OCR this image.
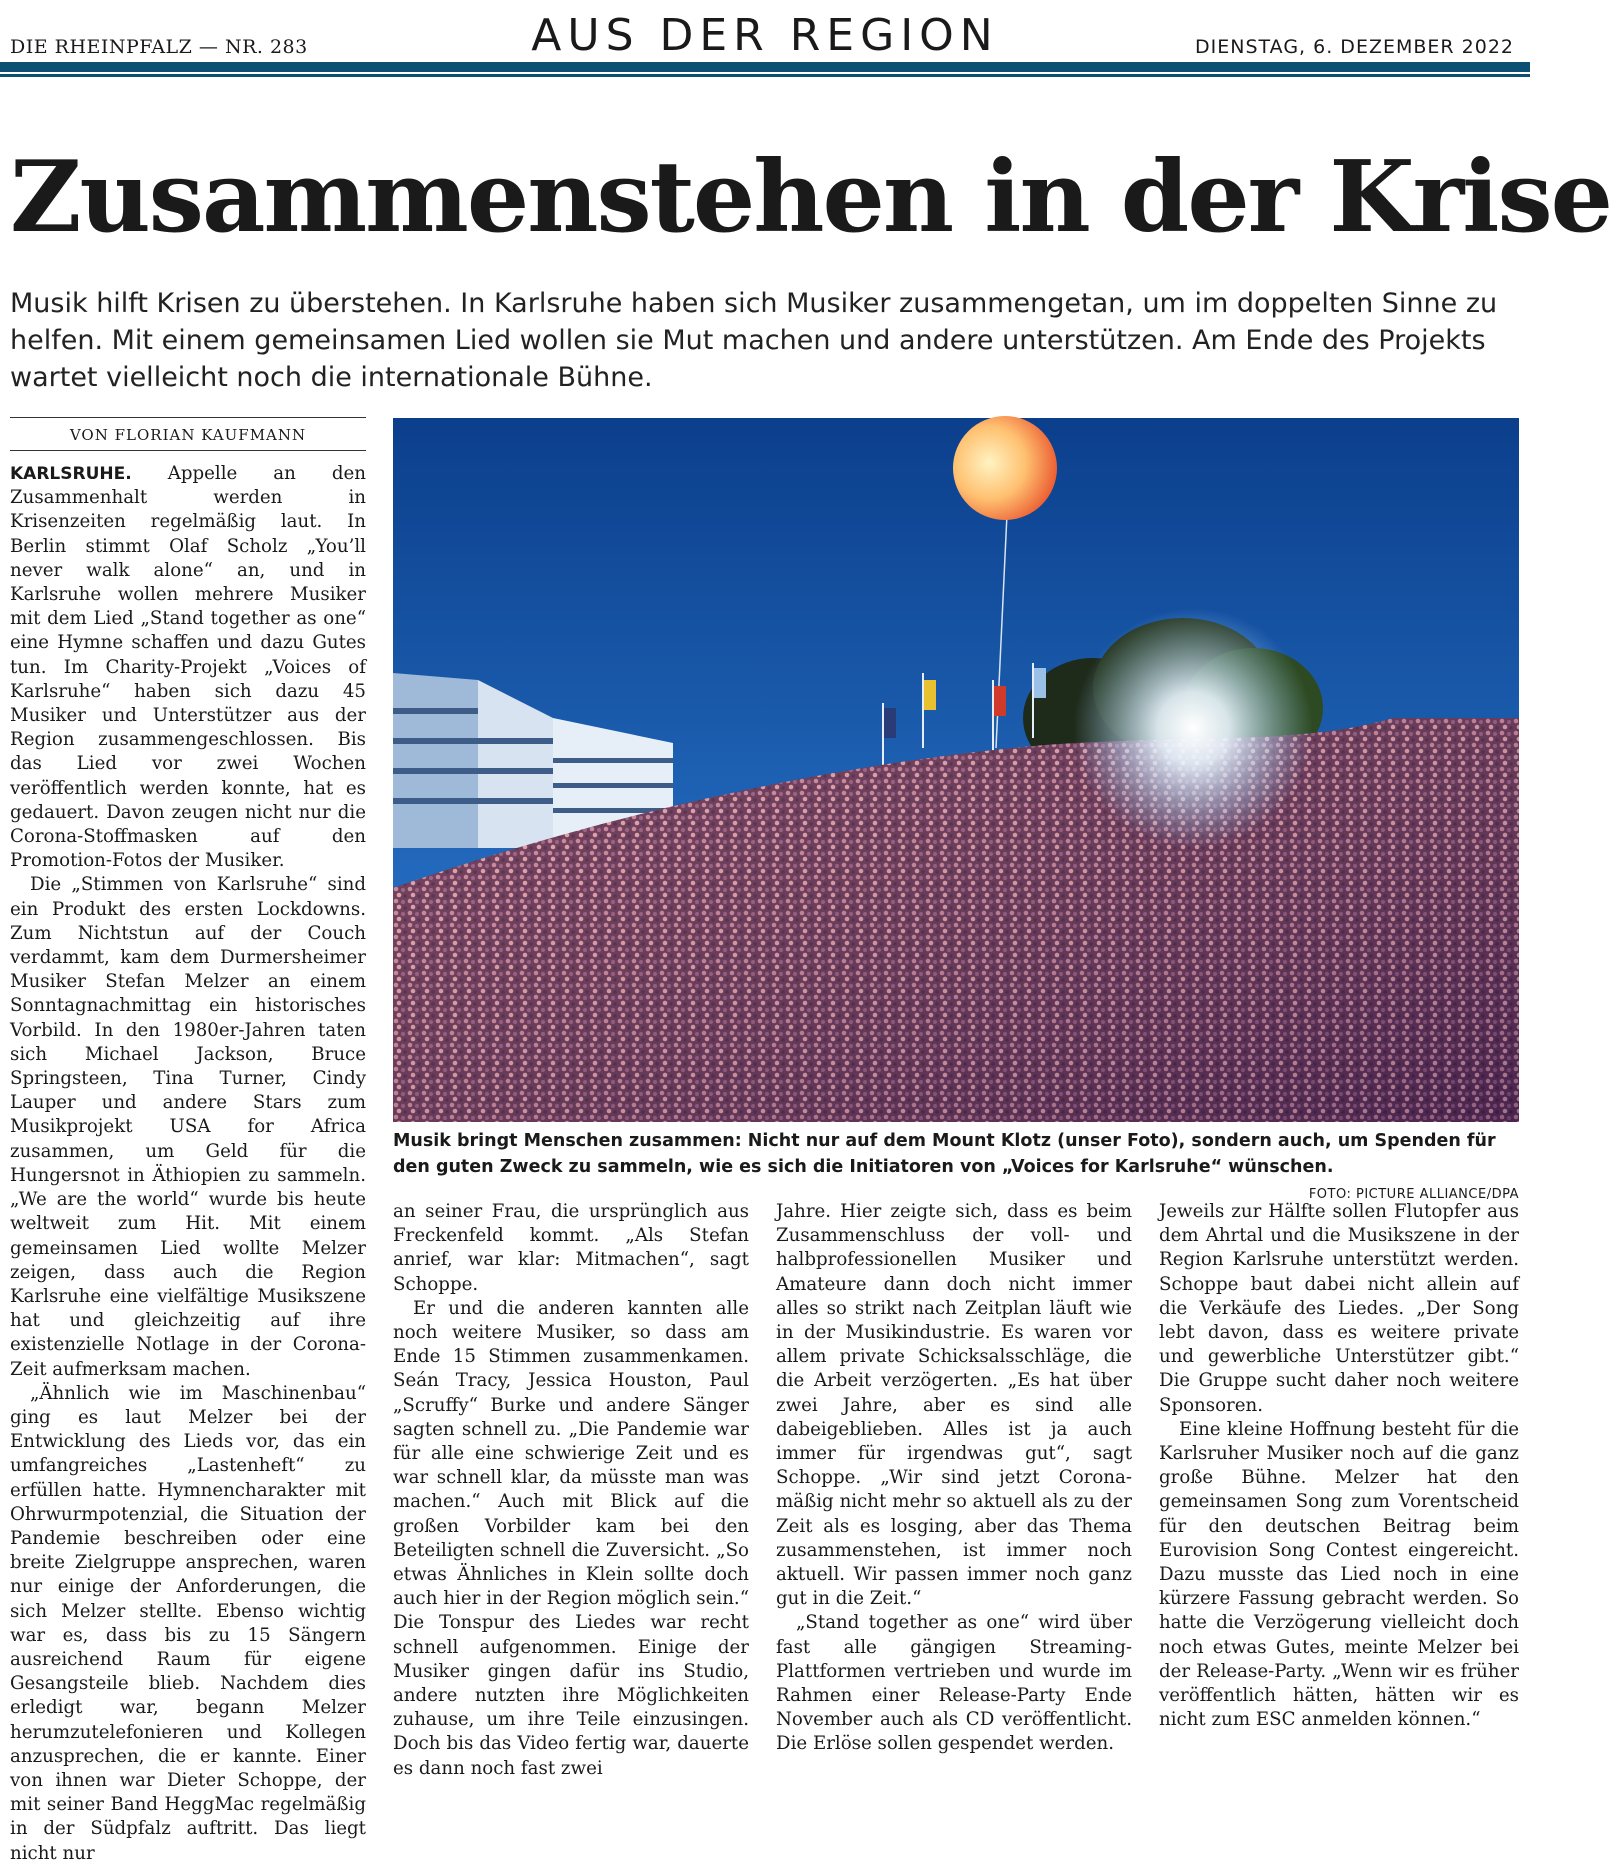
DIE RHEINPFALZ — NR. 283	AUS DER REGION	DIENSTAG, 6. DEZEMBER 2022
Zusammenstehen in der Krise
Musik hilft Krisen zu überstehen. In Karlsruhe haben sich Musiker zusammengetan, um im doppelten Sinne zu helfen. Mit einem gemeinsamen Lied wollen sie Mut machen und andere unterstützen. Am Ende des Projekts wartet vielleicht noch die internationale Bühne.
VON FLORIAN KAUFMANN

KARLSRUHE. Appelle an den Zusammenhalt werden in Krisenzeiten regelmäßig laut. In Berlin stimmt Olaf Scholz „You’ll never walk alone“ an, und in Karlsruhe wollen mehrere Musiker mit dem Lied „Stand together as one“ eine Hymne schaffen und dazu Gutes tun. Im Charity-Projekt „Voices of Karlsruhe“ haben sich dazu 45 Musiker und Unterstützer aus der Region zusammengeschlossen. Bis das Lied vor zwei Wochen veröffentlich werden konnte, hat es gedauert. Davon zeugen nicht nur die Corona-Stoffmasken auf den Promotion-Fotos der Musiker.

Die „Stimmen von Karlsruhe“ sind ein Produkt des ersten Lockdowns. Zum Nichtstun auf der Couch verdammt, kam dem Durmersheimer Musiker Stefan Melzer an einem Sonntagnachmittag ein historisches Vorbild. In den 1980er-Jahren taten sich Michael Jackson, Bruce Springsteen, Tina Turner, Cindy Lauper und andere Stars zum Musikprojekt USA for Africa zusammen, um Geld für die Hungersnot in Äthiopien zu sammeln. „We are the world“ wurde bis heute weltweit zum Hit. Mit einem gemeinsamen Lied wollte Melzer zeigen, dass auch die Region Karlsruhe eine vielfältige Musikszene hat und gleichzeitig auf ihre existenzielle Notlage in der Corona-Zeit aufmerksam machen.

„Ähnlich wie im Maschinenbau“ ging es laut Melzer bei der Entwicklung des Lieds vor, das ein umfangreiches „Lastenheft“ zu erfüllen hatte. Hymnencharakter mit Ohrwurmpotenzial, die Situation der Pandemie beschreiben oder eine breite Zielgruppe ansprechen, waren nur einige der Anforderungen, die sich Melzer stellte. Ebenso wichtig war es, dass bis zu 15 Sängern ausreichend Raum für eigene Gesangsteile blieb. Nachdem dies erledigt war, begann Melzer herumzutelefonieren und Kollegen anzusprechen, die er kannte. Einer von ihnen war Dieter Schoppe, der mit seiner Band HeggMac regelmäßig in der Südpfalz auftritt. Das liegt nicht nur

Musik bringt Menschen zusammen: Nicht nur auf dem Mount Klotz (unser Foto), sondern auch, um Spenden für den guten Zweck zu sammeln, wie es sich die Initiatoren von „Voices for Karlsruhe“ wünschen.
FOTO: PICTURE ALLIANCE/DPA

an seiner Frau, die ursprünglich aus Freckenfeld kommt. „Als Stefan anrief, war klar: Mitmachen“, sagt Schoppe.

Er und die anderen kannten alle noch weitere Musiker, so dass am Ende 15 Stimmen zusammenkamen. Seán Tracy, Jessica Houston, Paul „Scruffy“ Burke und andere Sänger sagten schnell zu. „Die Pandemie war für alle eine schwierige Zeit und es war schnell klar, da müsste man was machen.“ Auch mit Blick auf die großen Vorbilder kam bei den Beteiligten schnell die Zuversicht. „So etwas Ähnliches in Klein sollte doch auch hier in der Region möglich sein.“ Die Tonspur des Liedes war recht schnell aufgenommen. Einige der Musiker gingen dafür ins Studio, andere nutzten ihre Möglichkeiten zuhause, um ihre Teile einzusingen. Doch bis das Video fertig war, dauerte es dann noch fast zwei

Jahre. Hier zeigte sich, dass es beim Zusammenschluss der voll- und halbprofessionellen Musiker und Amateure dann doch nicht immer alles so strikt nach Zeitplan läuft wie in der Musikindustrie. Es waren vor allem private Schicksalsschläge, die die Arbeit verzögerten. „Es hat über zwei Jahre, aber es sind alle dabeigeblieben. Alles ist ja auch immer für irgendwas gut“, sagt Schoppe. „Wir sind jetzt Corona-mäßig nicht mehr so aktuell als zu der Zeit als es losging, aber das Thema zusammenstehen, ist immer noch aktuell. Wir passen immer noch ganz gut in die Zeit.“

„Stand together as one“ wird über fast alle gängigen Streaming-Plattformen vertrieben und wurde im Rahmen einer Release-Party Ende November auch als CD veröffentlicht. Die Erlöse sollen gespendet werden.

Jeweils zur Hälfte sollen Flutopfer aus dem Ahrtal und die Musikszene in der Region Karlsruhe unterstützt werden. Schoppe baut dabei nicht allein auf die Verkäufe des Liedes. „Der Song lebt davon, dass es weitere private und gewerbliche Unterstützer gibt.“ Die Gruppe sucht daher noch weitere Sponsoren.

Eine kleine Hoffnung besteht für die Karlsruher Musiker noch auf die ganz große Bühne. Melzer hat den gemeinsamen Song zum Vorentscheid für den deutschen Beitrag beim Eurovision Song Contest eingereicht. Dazu musste das Lied noch in eine kürzere Fassung gebracht werden. So hatte die Verzögerung vielleicht doch noch etwas Gutes, meinte Melzer bei der Release-Party. „Wenn wir es früher veröffentlich hätten, hätten wir es nicht zum ESC anmelden können.“
